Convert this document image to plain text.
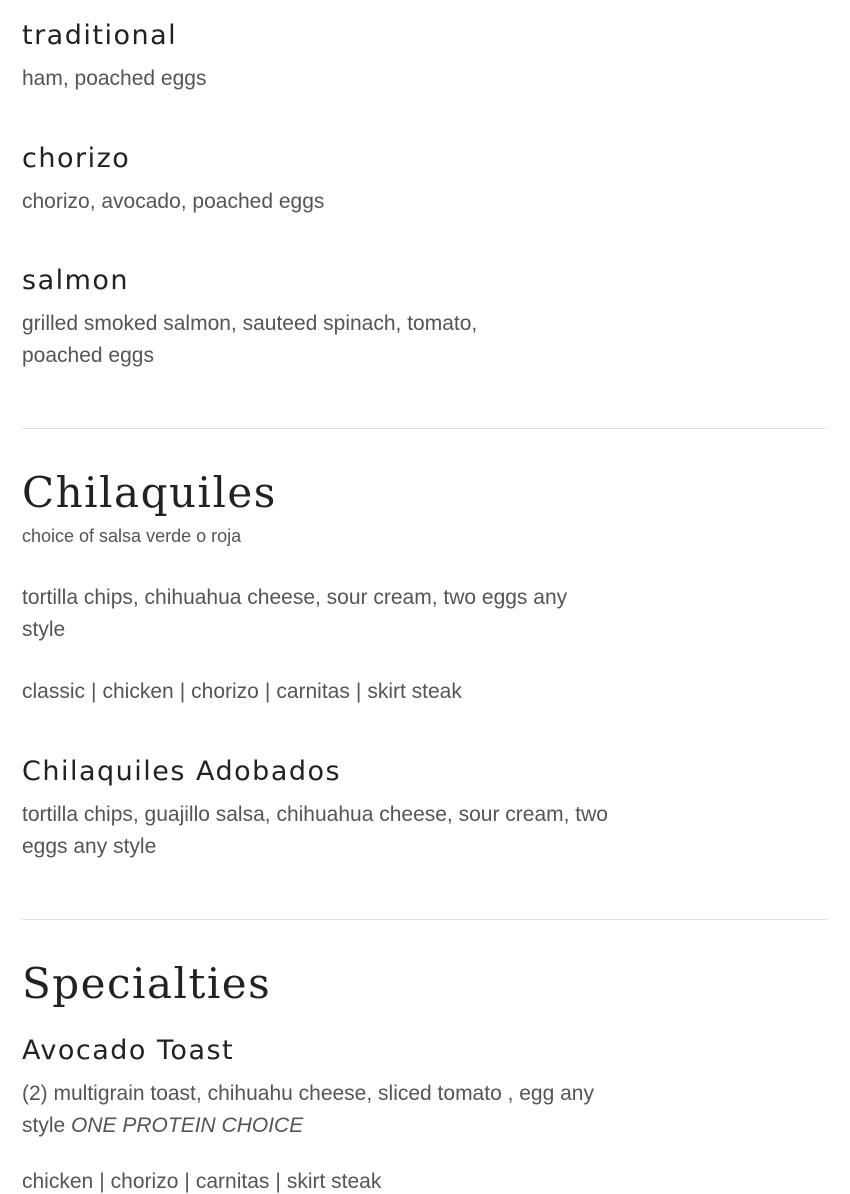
traditional

ham, poached eggs

chorizo

chorizo, avocado, poached eggs

salmon

grilled smoked salmon, sauteed spinach, tomato, poached eggs

Chilaquiles

choice of salsa verde o roja

tortilla chips, chihuahua cheese, sour cream, two eggs any style

classic | chicken | chorizo | carnitas | skirt steak

Chilaquiles Adobados

tortilla chips, guajillo salsa, chihuahua cheese, sour cream, two eggs any style

Specialties
Avocado Toast

(2) multigrain toast, chihuahu cheese, sliced tomato , egg any style ONE PROTEIN CHOICE

chicken | chorizo | carnitas | skirt steak
